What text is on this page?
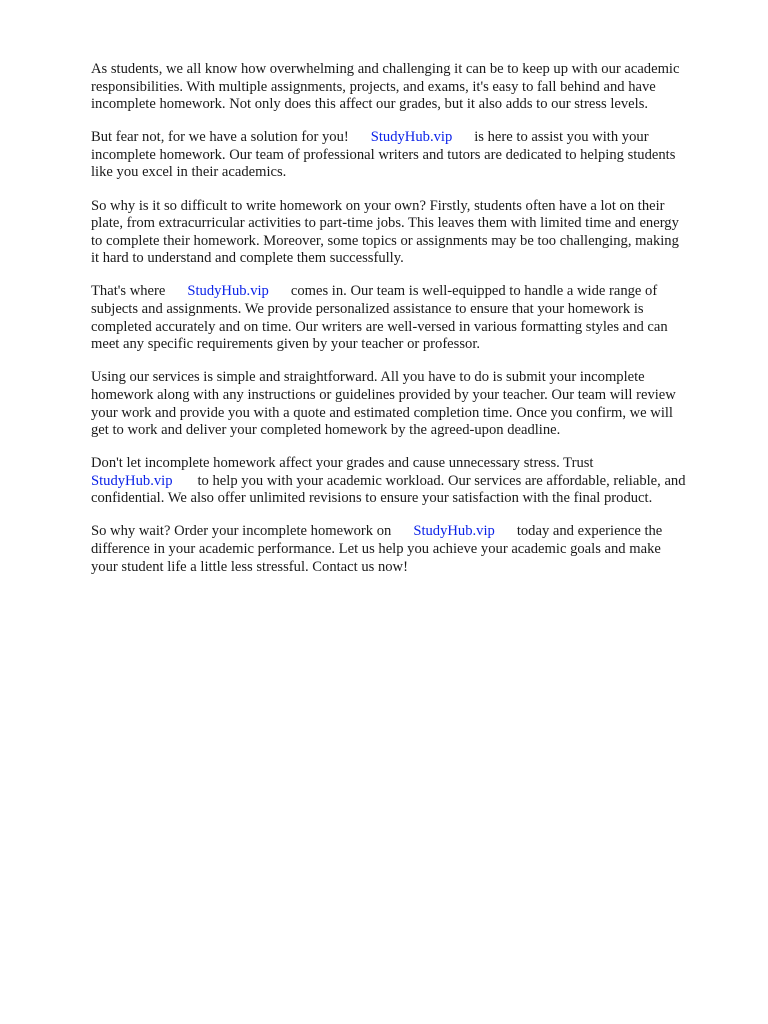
As students, we all know how overwhelming and challenging it can be to keep up with our academic
responsibilities. With multiple assignments, projects, and exams, it's easy to fall behind and have
incomplete homework. Not only does this affect our grades, but it also adds to our stress levels.

But fear not, for we have a solution for you! StudyHub.vip is here to assist you with your
incomplete homework. Our team of professional writers and tutors are dedicated to helping students
like you excel in their academics.

So why is it so difficult to write homework on your own? Firstly, students often have a lot on their
plate, from extracurricular activities to part-time jobs. This leaves them with limited time and energy
to complete their homework. Moreover, some topics or assignments may be too challenging, making
it hard to understand and complete them successfully.

That's where StudyHub.vip comes in. Our team is well-equipped to handle a wide range of
subjects and assignments. We provide personalized assistance to ensure that your homework is
completed accurately and on time. Our writers are well-versed in various formatting styles and can
meet any specific requirements given by your teacher or professor.

Using our services is simple and straightforward. All you have to do is submit your incomplete
homework along with any instructions or guidelines provided by your teacher. Our team will review
your work and provide you with a quote and estimated completion time. Once you confirm, we will
get to work and deliver your completed homework by the agreed-upon deadline.

Don't let incomplete homework affect your grades and cause unnecessary stress. Trust
StudyHub.vip to help you with your academic workload. Our services are affordable, reliable, and
confidential. We also offer unlimited revisions to ensure your satisfaction with the final product.

So why wait? Order your incomplete homework on StudyHub.vip today and experience the
difference in your academic performance. Let us help you achieve your academic goals and make
your student life a little less stressful. Contact us now!
